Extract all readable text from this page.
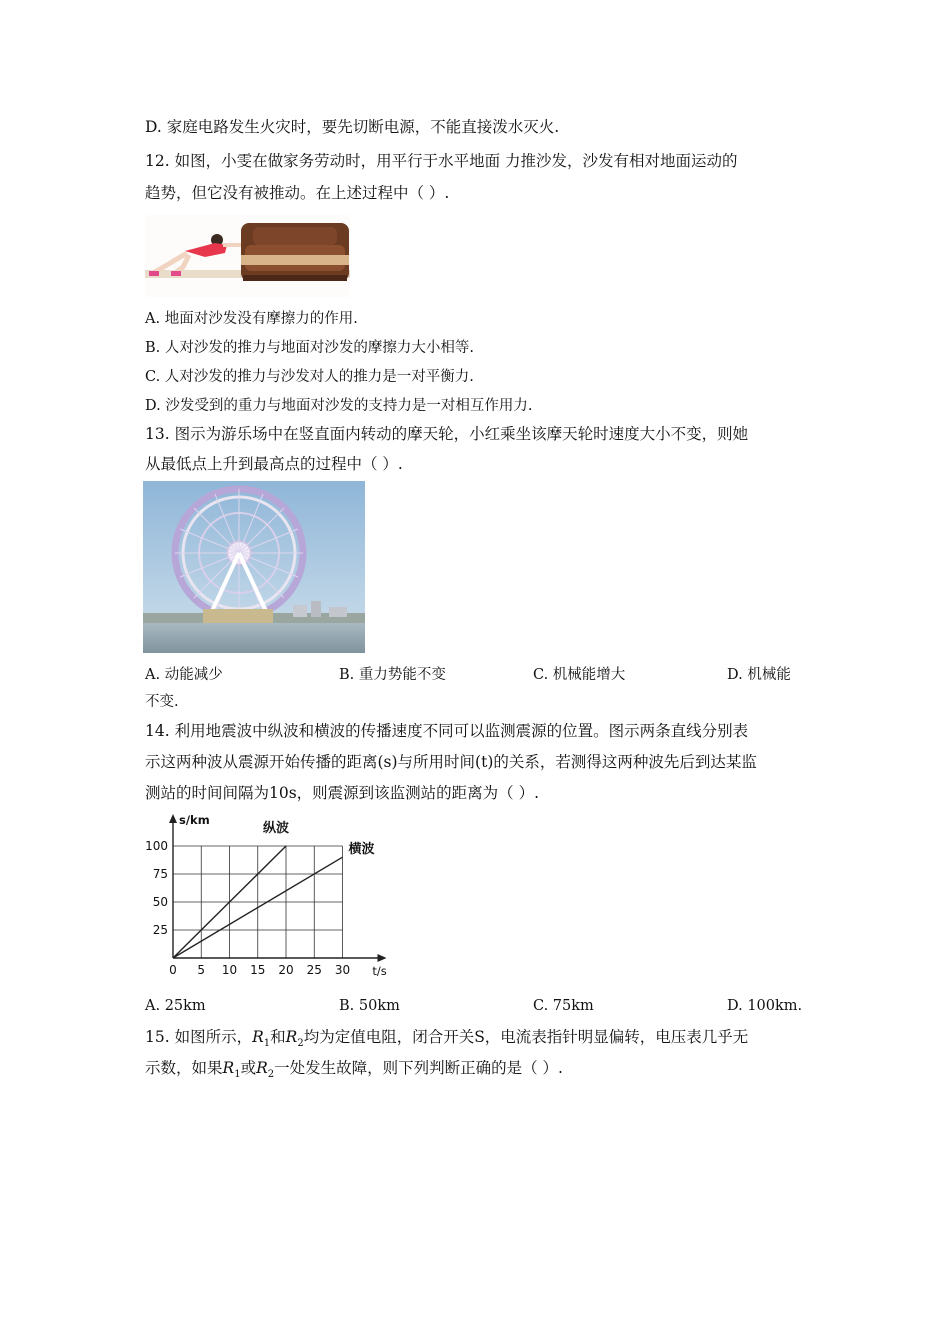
D. 家庭电路发生火灾时，要先切断电源，不能直接泼水灭火.
12. 如图，小雯在做家务劳动时，用平行于水平地面 力推沙发，沙发有相对地面运动的
趋势，但它没有被推动。在上述过程中（ ）.
A. 地面对沙发没有摩擦力的作用.
B. 人对沙发的推力与地面对沙发的摩擦力大小相等.
C. 人对沙发的推力与沙发对人的推力是一对平衡力.
D. 沙发受到的重力与地面对沙发的支持力是一对相互作用力.
13. 图示为游乐场中在竖直面内转动的摩天轮，小红乘坐该摩天轮时速度大小不变，则她
从最低点上升到最高点的过程中（ ）.
A. 动能减少	B. 重力势能不变	C. 机械能增大	D. 机械能
不变.
14. 利用地震波中纵波和横波的传播速度不同可以监测震源的位置。图示两条直线分别表
示这两种波从震源开始传播的距离(s)与所用时间(t)的关系，若测得这两种波先后到达某监
测站的时间间隔为10s，则震源到该监测站的距离为（ ）.
0 5 10 15 20 25 30
25
50
75
100
t/s
s/km
纵波
横波
A. 25km	B. 50km	C. 75km	D. 100km.
15. 如图所示，$R_1$和$R_2$均为定值电阻，闭合开关S，电流表指针明显偏转，电压表几乎无
示数，如果$R_1$或$R_2$一处发生故障，则下列判断正确的是（ ）.
